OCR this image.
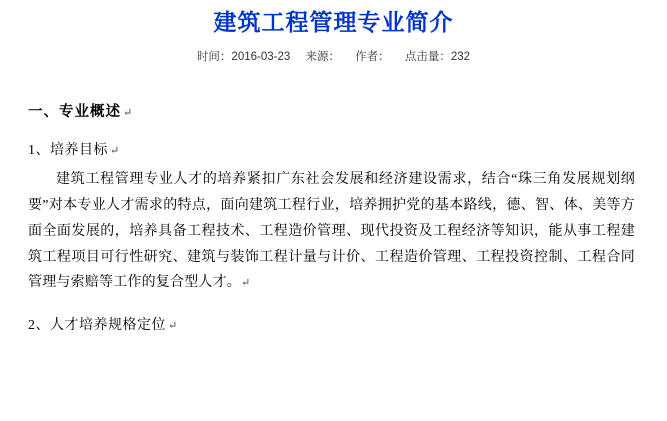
建筑工程管理专业简介
时间：2016-03-23 来源： 作者： 点击量：232
一、专业概述 ↵
1、培养目标 ↵
建筑工程管理专业人才的培养紧扣广东社会发展和经济建设需求，结合“珠三角发展规划纲要”对本专业人才需求的特点，面向建筑工程行业，培养拥护党的基本路线，德、智、体、美等方面全面发展的，培养具备工程技术、工程造价管理、现代投资及工程经济等知识，能从事工程建筑工程项目可行性研究、建筑与装饰工程计量与计价、工程造价管理、工程投资控制、工程合同管理与索赔等工作的复合型人才。↵
2、人才培养规格定位 ↵
